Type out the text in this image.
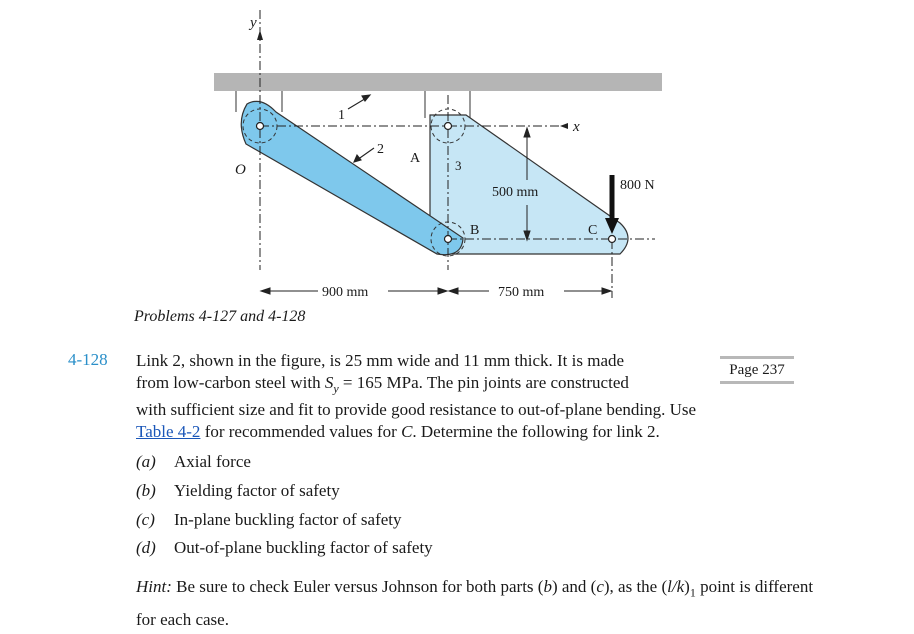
y
x
O
1
2
3
A
B	C
800 N
500 mm
900 mm	750 mm
Problems 4-127 and 4-128
4-128 Link 2, shown in the figure, is 25 mm wide and 11 mm thick. It is made
from low-carbon steel with $S_y = 165$ MPa. The pin joints are constructed
with sufficient size and fit to provide good resistance to out-of-plane bending. Use
Table 4-2 for recommended values for C. Determine the following for link 2.
Page 237
(a) Axial force
(b) Yielding factor of safety
(c) In-plane buckling factor of safety
(d) Out-of-plane buckling factor of safety
Hint: Be sure to check Euler versus Johnson for both parts (b) and (c), as the $(l/k)_1$ point is different for each case.
